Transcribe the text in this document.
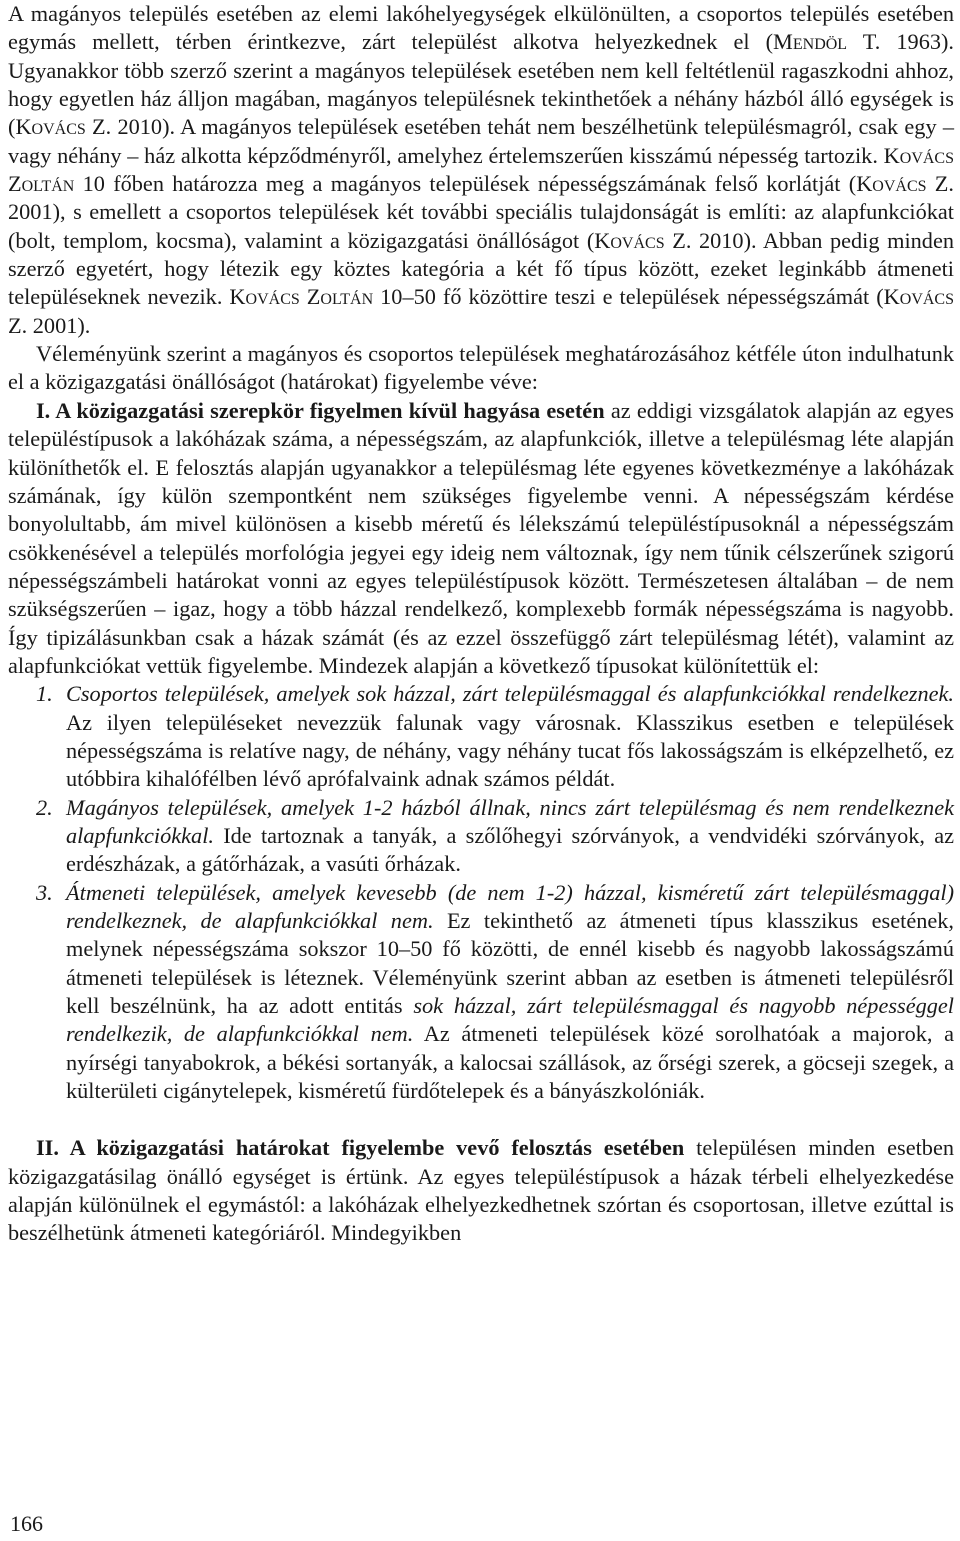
A magányos település esetében az elemi lakóhelyegységek elkülönülten, a csoportos település esetében egymás mellett, térben érintkezve, zárt települést alkotva helyezkednek el (Mendöl T. 1963). Ugyanakkor több szerző szerint a magányos települések esetében nem kell feltétlenül ragaszkodni ahhoz, hogy egyetlen ház álljon magában, magányos településnek tekinthetőek a néhány házból álló egységek is (Kovács Z. 2010). A magányos települések esetében tehát nem beszélhetünk településmagról, csak egy – vagy néhány – ház alkotta képződményről, amelyhez értelemszerűen kisszámú népesség tartozik. Kovács Zoltán 10 főben határozza meg a magányos települések népességszámának felső korlátját (Kovács Z. 2001), s emellett a csoportos települések két további speciális tulajdonságát is említi: az alapfunkciókat (bolt, templom, kocsma), valamint a közigazgatási önállóságot (Kovács Z. 2010). Abban pedig minden szerző egyetért, hogy létezik egy köztes kategória a két fő típus között, ezeket leginkább átmeneti településeknek nevezik. Kovács Zoltán 10–50 fő közöttire teszi e települések népességszámát (Kovács Z. 2001).

Véleményünk szerint a magányos és csoportos települések meghatározásához kétféle úton indulhatunk el a közigazgatási önállóságot (határokat) figyelembe véve:

I. A közigazgatási szerepkör figyelmen kívül hagyása esetén az eddigi vizsgálatok alapján az egyes településtípusok a lakóházak száma, a népességszám, az alapfunkciók, illetve a településmag léte alapján különíthetők el. E felosztás alapján ugyanakkor a településmag léte egyenes következménye a lakóházak számának, így külön szempontként nem szükséges figyelembe venni. A népességszám kérdése bonyolultabb, ám mivel különösen a kisebb méretű és lélekszámú településtípusoknál a népességszám csökkenésével a település morfológia jegyei egy ideig nem változnak, így nem tűnik célszerűnek szigorú népességszámbeli határokat vonni az egyes településtípusok között. Természetesen általában – de nem szükségszerűen – igaz, hogy a több házzal rendelkező, komplexebb formák népességszáma is nagyobb. Így tipizálásunkban csak a házak számát (és az ezzel összefüggő zárt településmag létét), valamint az alapfunkciókat vettük figyelembe. Mindezek alapján a következő típusokat különítettük el:

1. Csoportos települések, amelyek sok házzal, zárt településmaggal és alapfunkciókkal rendelkeznek. Az ilyen településeket nevezzük falunak vagy városnak. Klasszikus esetben e települések népességszáma is relatíve nagy, de néhány, vagy néhány tucat fős lakosságszám is elképzelhető, ez utóbbira kihalófélben lévő aprófalvaink adnak számos példát.
2. Magányos települések, amelyek 1-2 házból állnak, nincs zárt településmag és nem rendelkeznek alapfunkciókkal. Ide tartoznak a tanyák, a szőlőhegyi szórványok, a vendvidéki szórványok, az erdészházak, a gátőrházak, a vasúti őrházak.
3. Átmeneti települések, amelyek kevesebb (de nem 1-2) házzal, kisméretű zárt településmaggal) rendelkeznek, de alapfunkciókkal nem. Ez tekinthető az átmeneti típus klasszikus esetének, melynek népességszáma sokszor 10–50 fő közötti, de ennél kisebb és nagyobb lakosságszámú átmeneti települések is léteznek. Véleményünk szerint abban az esetben is átmeneti településről kell beszélnünk, ha az adott entitás sok házzal, zárt településmaggal és nagyobb népességgel rendelkezik, de alapfunkciókkal nem. Az átmeneti települések közé sorolhatóak a majorok, a nyírségi tanyabokrok, a békési sortanyák, a kalocsai szállások, az őrségi szerek, a göcseji szegek, a külterületi cigánytelepek, kisméretű fürdőtelepek és a bányászkolóniák.

II. A közigazgatási határokat figyelembe vevő felosztás esetében településen minden esetben közigazgatásilag önálló egységet is értünk. Az egyes településtípusok a házak térbeli elhelyezkedése alapján különülnek el egymástól: a lakóházak elhelyezkedhetnek szórtan és csoportosan, illetve ezúttal is beszélhetünk átmeneti kategóriáról. Mindegyikben

166
